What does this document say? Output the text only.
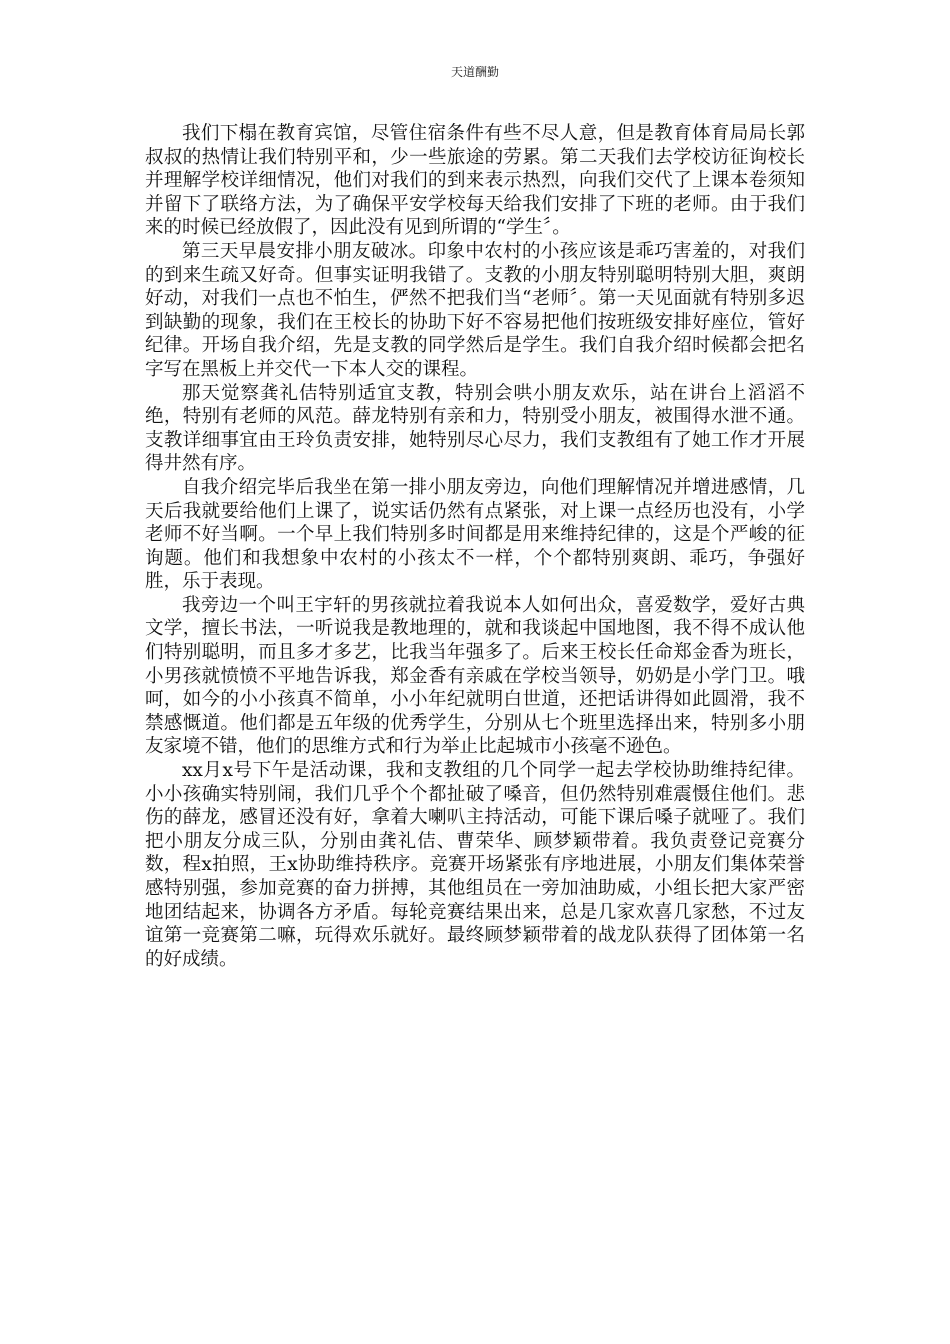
天道酬勤

我们下榻在教育宾馆，尽管住宿条件有些不尽人意，但是教育体育局局长郭叔叔的热情让我们特别平和，少一些旅途的劳累。第二天我们去学校访征询校长并理解学校详细情况，他们对我们的到来表示热烈，向我们交代了上课本卷须知并留下了联络方法，为了确保平安学校每天给我们安排了下班的老师。由于我们来的时候已经放假了，因此没有见到所谓的“学生〞。

第三天早晨安排小朋友破冰。印象中农村的小孩应该是乖巧害羞的，对我们的到来生疏又好奇。但事实证明我错了。支教的小朋友特别聪明特别大胆，爽朗好动，对我们一点也不怕生，俨然不把我们当“老师〞。第一天见面就有特别多迟到缺勤的现象，我们在王校长的协助下好不容易把他们按班级安排好座位，管好纪律。开场自我介绍，先是支教的同学然后是学生。我们自我介绍时候都会把名字写在黑板上并交代一下本人交的课程。

那天觉察龚礼佶特别适宜支教，特别会哄小朋友欢乐，站在讲台上滔滔不绝，特别有老师的风范。薛龙特别有亲和力，特别受小朋友，被围得水泄不通。支教详细事宜由王玲负责安排，她特别尽心尽力，我们支教组有了她工作才开展得井然有序。

自我介绍完毕后我坐在第一排小朋友旁边，向他们理解情况并增进感情，几天后我就要给他们上课了，说实话仍然有点紧张，对上课一点经历也没有，小学老师不好当啊。一个早上我们特别多时间都是用来维持纪律的，这是个严峻的征询题。他们和我想象中农村的小孩太不一样，个个都特别爽朗、乖巧，争强好胜，乐于表现。

我旁边一个叫王宇轩的男孩就拉着我说本人如何出众，喜爱数学，爱好古典文学，擅长书法，一听说我是教地理的，就和我谈起中国地图，我不得不成认他们特别聪明，而且多才多艺，比我当年强多了。后来王校长任命郑金香为班长，小男孩就愤愤不平地告诉我，郑金香有亲戚在学校当领导，奶奶是小学门卫。哦呵，如今的小小孩真不简单，小小年纪就明白世道，还把话讲得如此圆滑，我不禁感慨道。他们都是五年级的优秀学生，分别从七个班里选择出来，特别多小朋友家境不错，他们的思维方式和行为举止比起城市小孩毫不逊色。

xx月x号下午是活动课，我和支教组的几个同学一起去学校协助维持纪律。小小孩确实特别闹，我们几乎个个都扯破了嗓音，但仍然特别难震慑住他们。悲伤的薛龙，感冒还没有好，拿着大喇叭主持活动，可能下课后嗓子就哑了。我们把小朋友分成三队，分别由龚礼佶、曹荣华、顾梦颖带着。我负责登记竞赛分数，程x拍照，王x协助维持秩序。竞赛开场紧张有序地进展，小朋友们集体荣誉感特别强，参加竞赛的奋力拼搏，其他组员在一旁加油助威，小组长把大家严密地团结起来，协调各方矛盾。每轮竞赛结果出来，总是几家欢喜几家愁，不过友谊第一竞赛第二嘛，玩得欢乐就好。最终顾梦颖带着的战龙队获得了团体第一名的好成绩。
